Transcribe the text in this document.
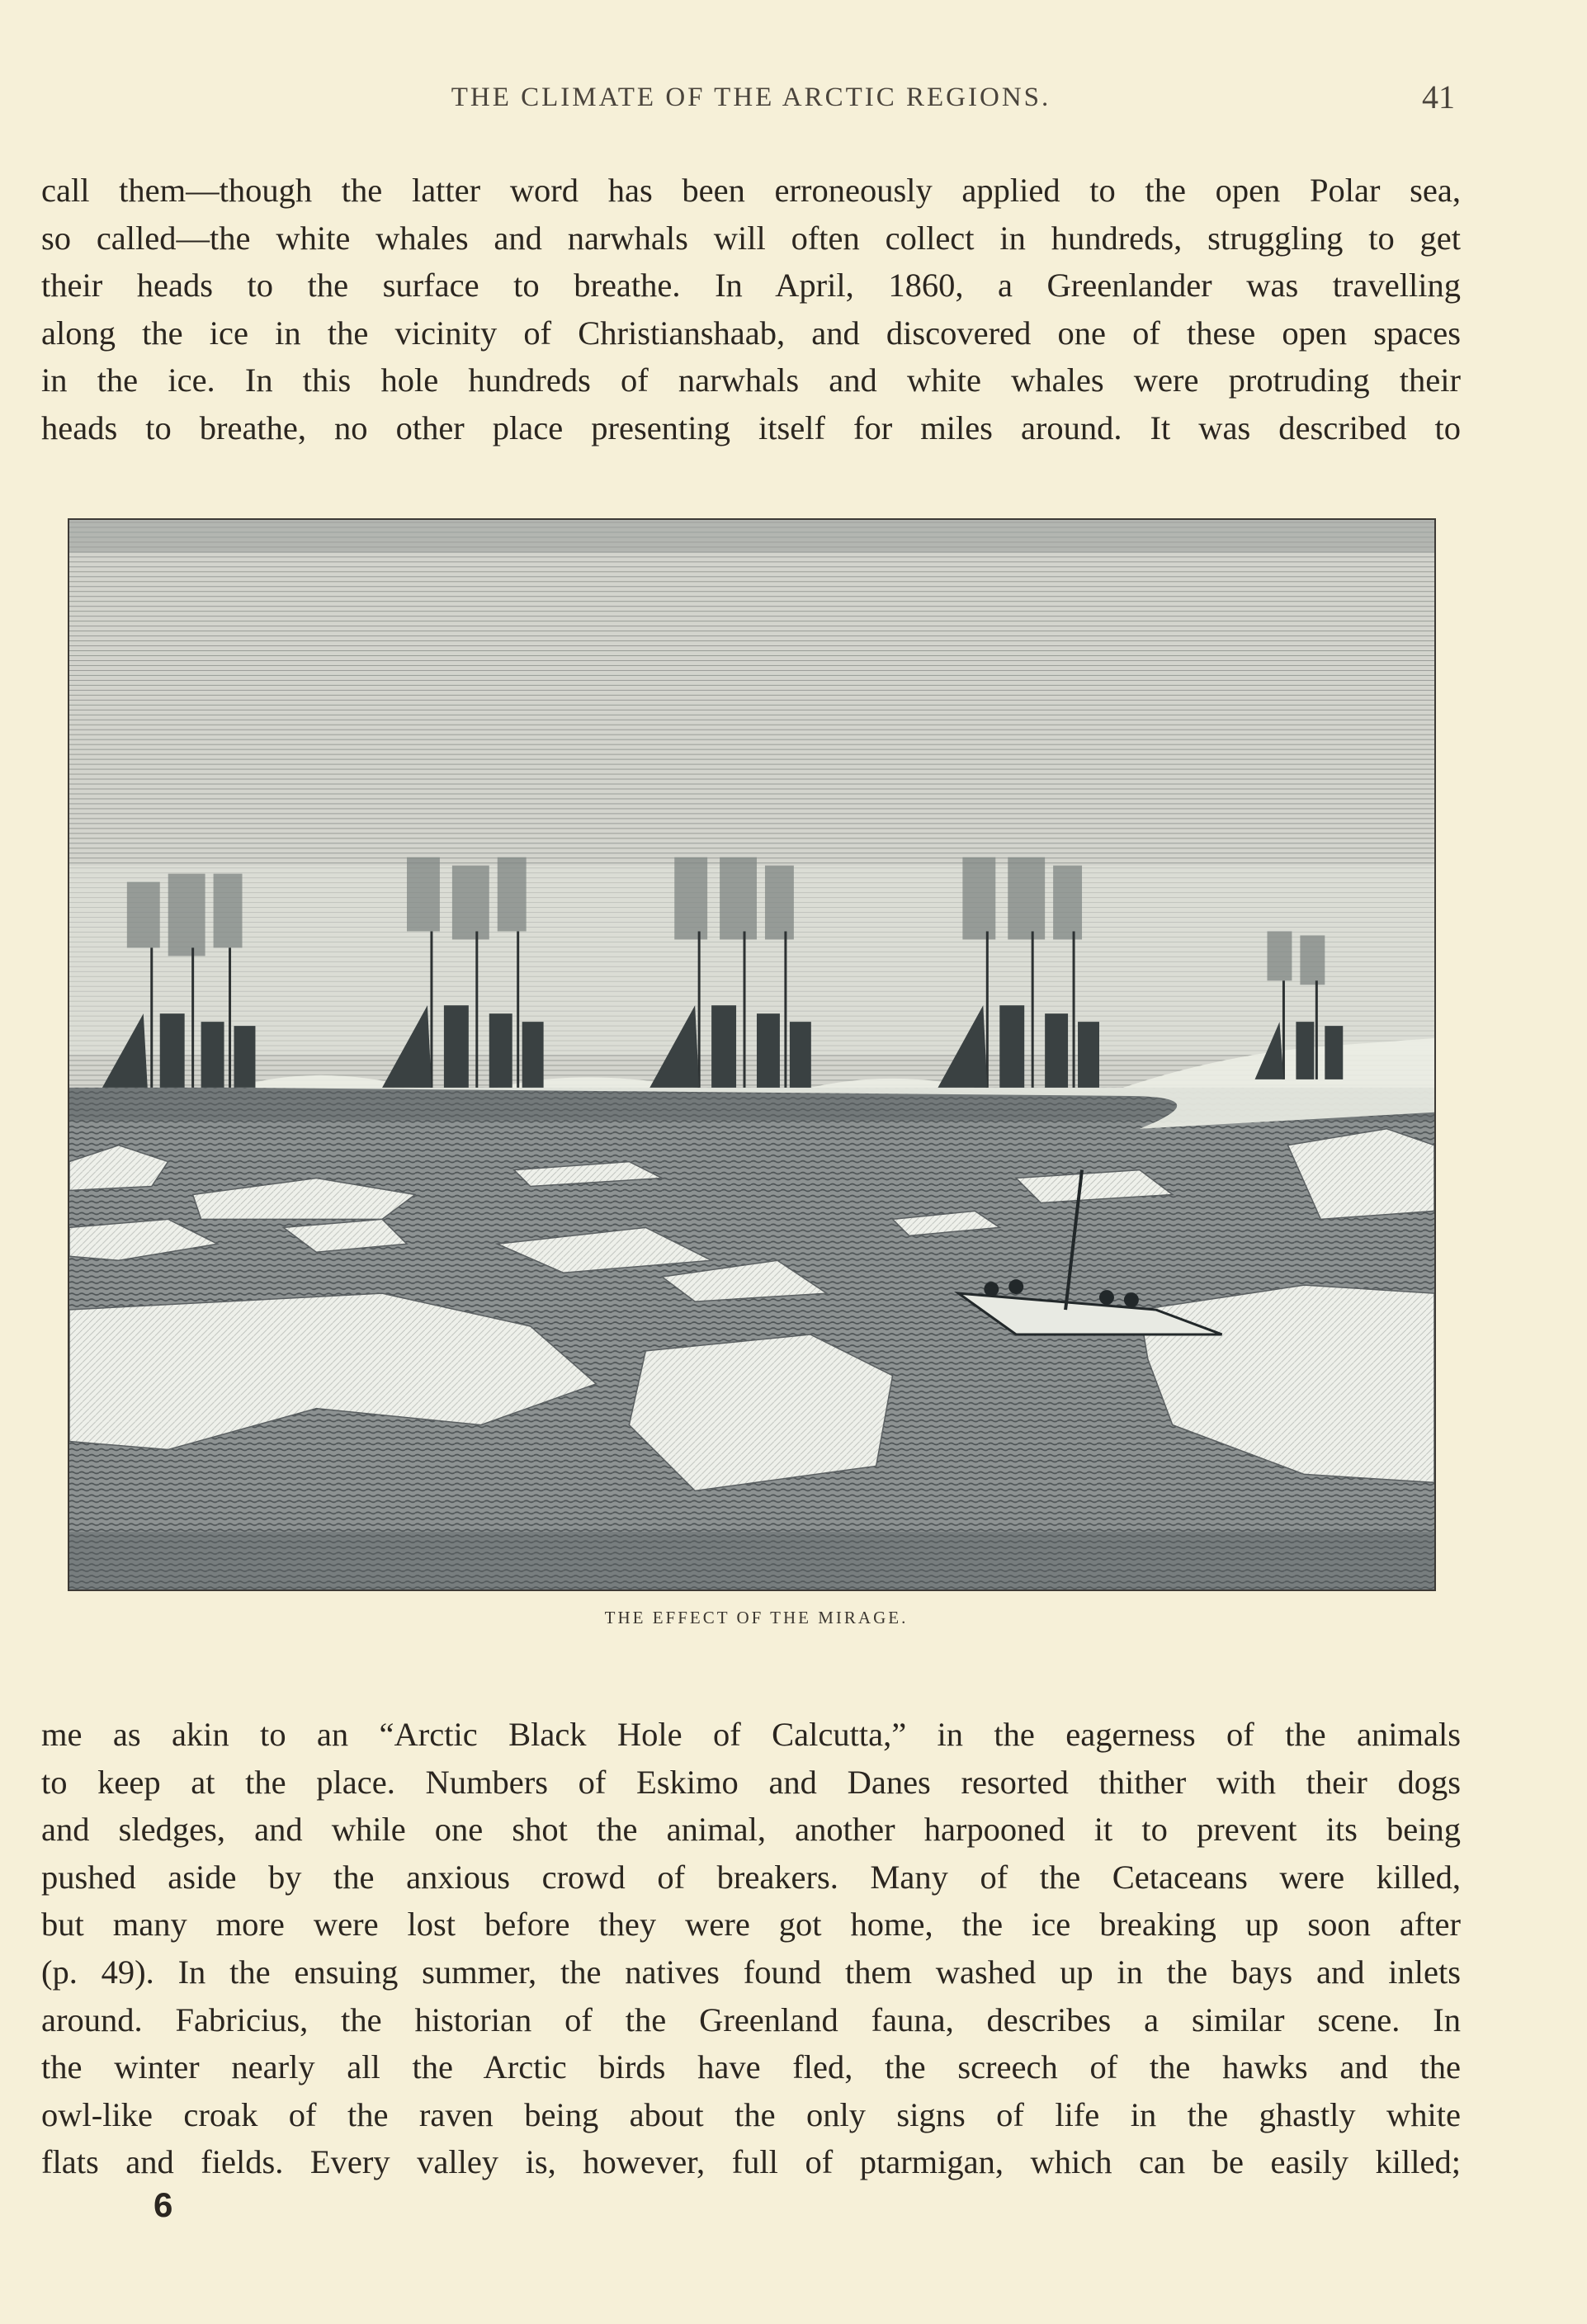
THE CLIMATE OF THE ARCTIC REGIONS.	41
call them—though the latter word has been erroneously applied to the open Polar sea,
so called—the white whales and narwhals will often collect in hundreds, struggling to get
their heads to the surface to breathe. In April, 1860, a Greenlander was travelling
along the ice in the vicinity of Christianshaab, and discovered one of these open spaces
in the ice. In this hole hundreds of narwhals and white whales were protruding their
heads to breathe, no other place presenting itself for miles around. It was described to
THE EFFECT OF THE MIRAGE.
me as akin to an “Arctic Black Hole of Calcutta,” in the eagerness of the animals
to keep at the place. Numbers of Eskimo and Danes resorted thither with their dogs
and sledges, and while one shot the animal, another harpooned it to prevent its being
pushed aside by the anxious crowd of breakers. Many of the Cetaceans were killed,
but many more were lost before they were got home, the ice breaking up soon after
(p. 49). In the ensuing summer, the natives found them washed up in the bays and inlets
around. Fabricius, the historian of the Greenland fauna, describes a similar scene. In
the winter nearly all the Arctic birds have fled, the screech of the hawks and the
owl-like croak of the raven being about the only signs of life in the ghastly white
flats and fields. Every valley is, however, full of ptarmigan, which can be easily killed;
6
